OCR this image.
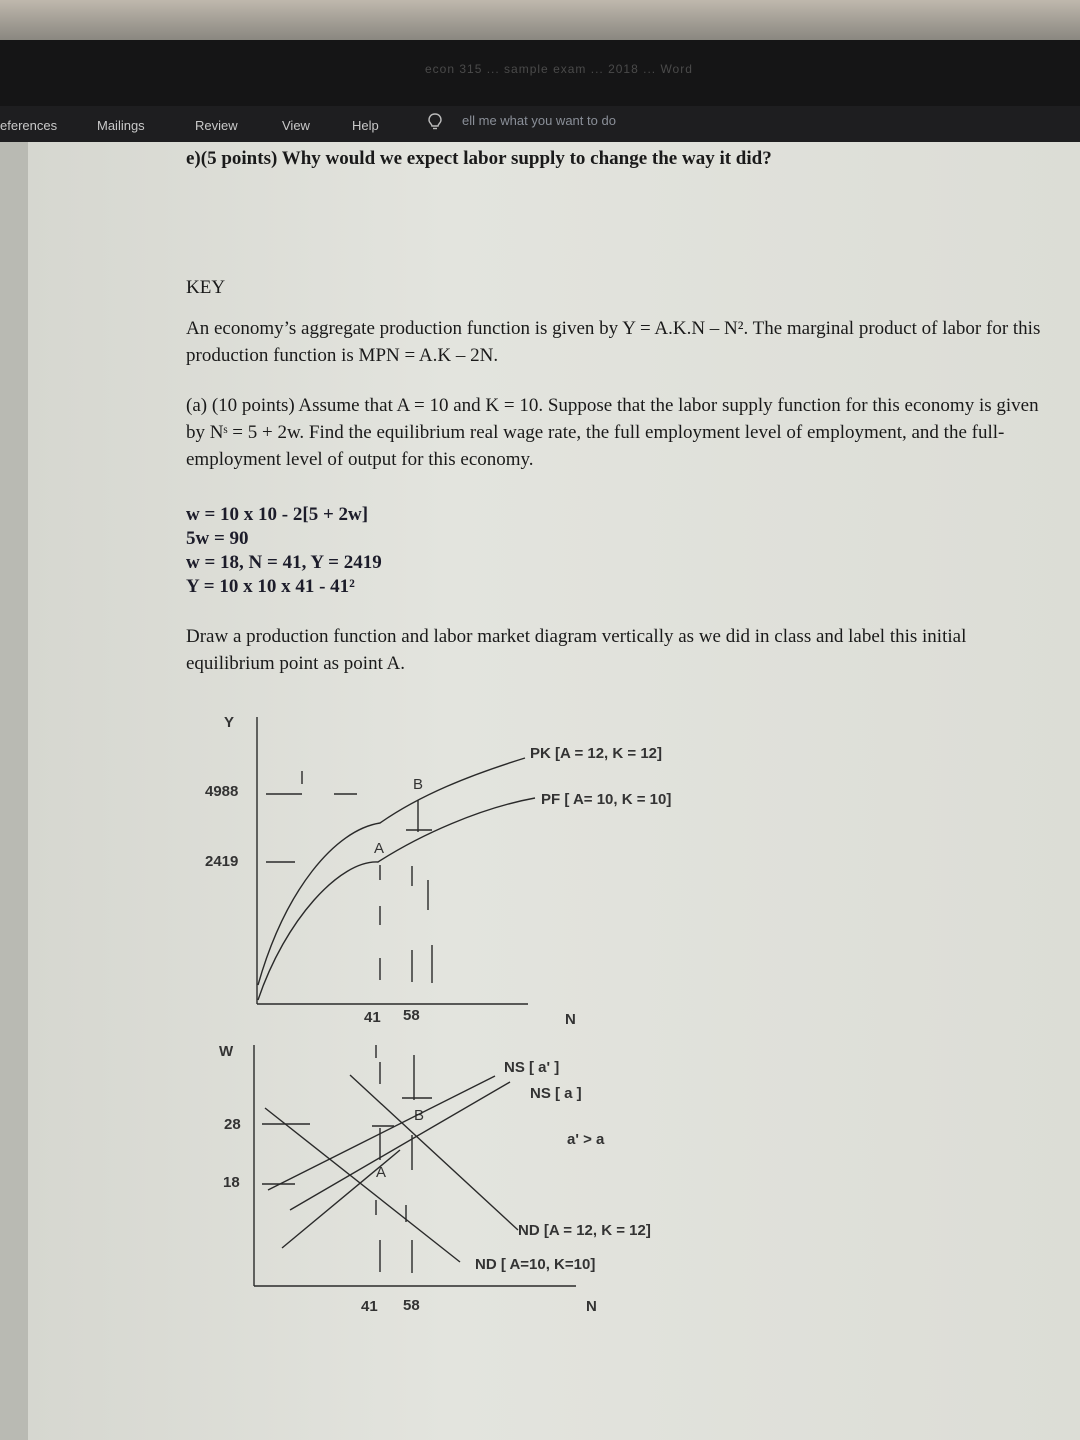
econ 315 ... sample exam ... 2018 ... Word
eferences	Mailings	Review	View	Help	ell me what you want to do
e)(5 points) Why would we expect labor supply to change the way it did?
KEY
An economy’s aggregate production function is given by Y = A.K.N – N². The marginal product of labor for this production function is MPN = A.K – 2N.
(a) (10 points) Assume that A = 10 and K = 10. Suppose that the labor supply function for this economy is given by Nˢ = 5 + 2w. Find the equilibrium real wage rate, the full employment level of employment, and the full-employment level of output for this economy.
w = 10 x 10 - 2[5 + 2w]
5w = 90
w = 18, N = 41, Y = 2419
Y = 10 x 10 x 41 - 41²
Draw a production function and labor market diagram vertically as we did in class and label this initial equilibrium point as point A.
Y
4988
2419
41 58	N
PK [A = 12, K = 12]
PF [ A= 10, K = 10]
A
B
W
28
18
41 58	N
NS [ a' ]
NS [ a ]
a' > a
ND [A = 12, K = 12]
ND [ A=10, K=10]
A
B
